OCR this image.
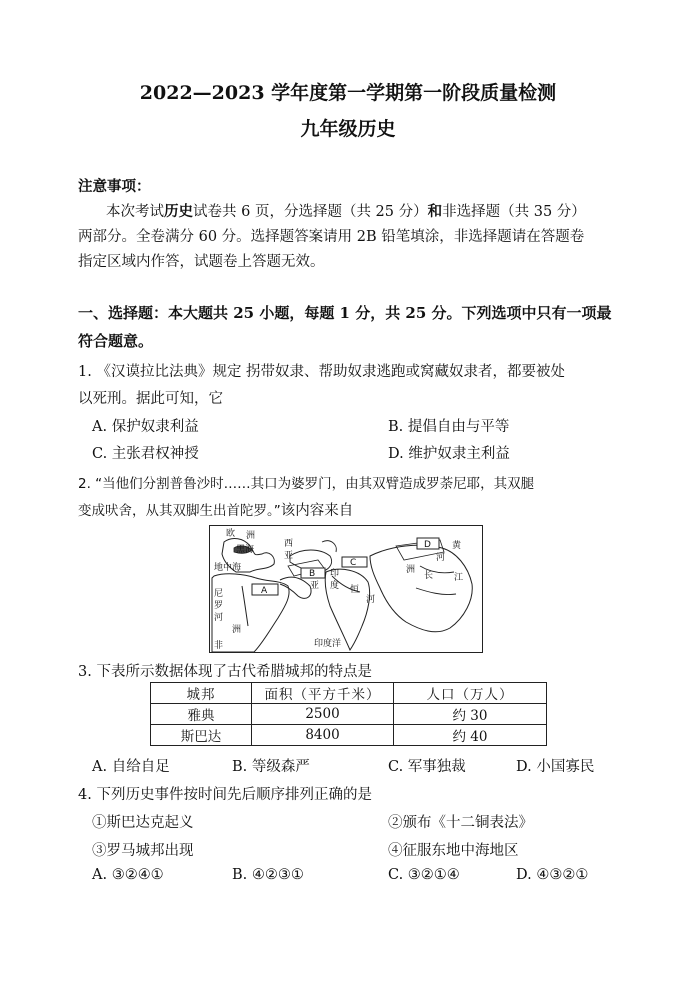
2022—2023 学年度第一学期第一阶段质量检测
九年级历史
注意事项：
本次考试历史试卷共 6 页，分选择题（共 25 分）和非选择题（共 35 分）
两部分。全卷满分 60 分。选择题答案请用 2B 铅笔填涂，非选择题请在答题卷
指定区域内作答，试题卷上答题无效。
一、选择题：本大题共 25 小题，每题 1 分，共 25 分。下列选项中只有一项最
符合题意。
1. 《汉谟拉比法典》规定 拐带奴隶、帮助奴隶逃跑或窝藏奴隶者，都要被处
以死刑。据此可知，它
A. 保护奴隶利益	B. 提倡自由与平等
C. 主张君权神授	D. 维护奴隶主利益
2. “当他们分割普鲁沙时……其口为婆罗门，由其双臂造成罗荼尼耶，其双腿
变成吠舍，从其双脚生出首陀罗。”该内容来自
A
B
C
D
欧 洲
黑海
地中海
西
亚
尼
罗
河
洲
非
亚
印
度 恒
河
黄
河
长 江
洲
印度洋
3. 下表所示数据体现了古代希腊城邦的特点是
城邦	面积（平方千米）	人口（万人）
雅典	2500	约 30
斯巴达	8400	约 40
A. 自给自足	B. 等级森严	C. 军事独裁	D. 小国寡民
4. 下列历史事件按时间先后顺序排列正确的是
①斯巴达克起义	②颁布《十二铜表法》
③罗马城邦出现	④征服东地中海地区
A. ③②④①	B. ④②③①	C. ③②①④	D. ④③②①
